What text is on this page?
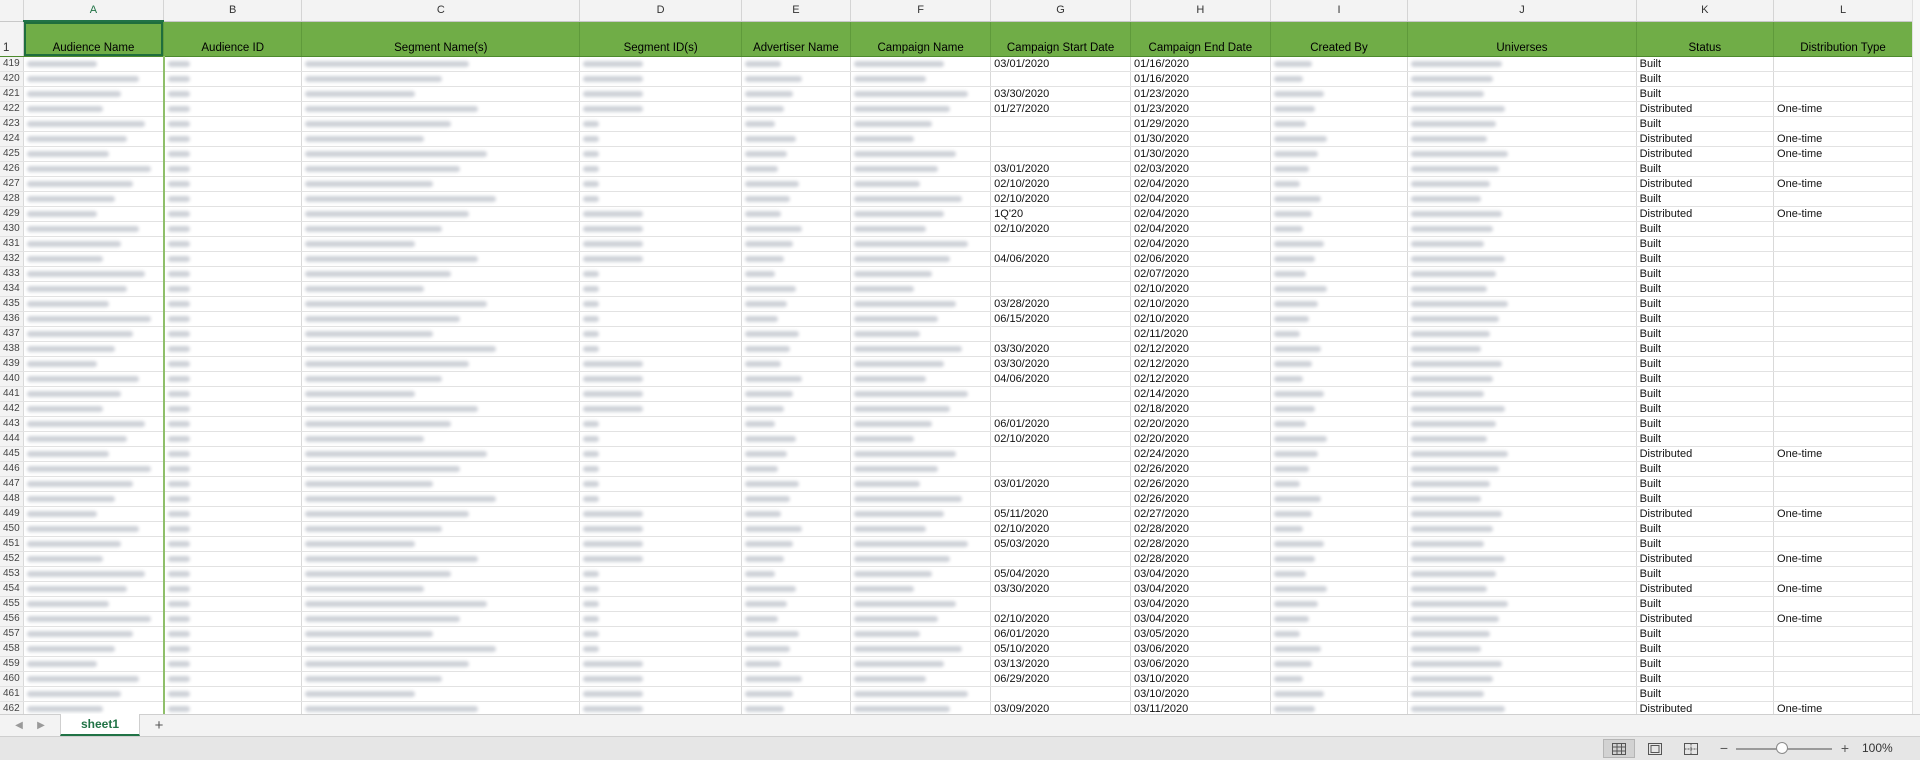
	A	B	C	D	E	F	G	H	I	J	K	L	
1	Audience Name	Audience ID	Segment Name(s)	Segment ID(s)	Advertiser Name	Campaign Name	Campaign Start Date	Campaign End Date	Created By	Universes	Status	Distribution Type	
419							03/01/2020	01/16/2020			Built		
420								01/16/2020			Built		
421							03/30/2020	01/23/2020			Built		
422							01/27/2020	01/23/2020			Distributed	One-time	
423								01/29/2020			Built		
424								01/30/2020			Distributed	One-time	
425								01/30/2020			Distributed	One-time	
426							03/01/2020	02/03/2020			Built		
427							02/10/2020	02/04/2020			Distributed	One-time	
428							02/10/2020	02/04/2020			Built		
429							1Q'20	02/04/2020			Distributed	One-time	
430							02/10/2020	02/04/2020			Built		
431								02/04/2020			Built		
432							04/06/2020	02/06/2020			Built		
433								02/07/2020			Built		
434								02/10/2020			Built		
435							03/28/2020	02/10/2020			Built		
436							06/15/2020	02/10/2020			Built		
437								02/11/2020			Built		
438							03/30/2020	02/12/2020			Built		
439							03/30/2020	02/12/2020			Built		
440							04/06/2020	02/12/2020			Built		
441								02/14/2020			Built		
442								02/18/2020			Built		
443							06/01/2020	02/20/2020			Built		
444							02/10/2020	02/20/2020			Built		
445								02/24/2020			Distributed	One-time	
446								02/26/2020			Built		
447							03/01/2020	02/26/2020			Built		
448								02/26/2020			Built		
449							05/11/2020	02/27/2020			Distributed	One-time	
450							02/10/2020	02/28/2020			Built		
451							05/03/2020	02/28/2020			Built		
452								02/28/2020			Distributed	One-time	
453							05/04/2020	03/04/2020			Built		
454							03/30/2020	03/04/2020			Distributed	One-time	
455								03/04/2020			Built		
456							02/10/2020	03/04/2020			Distributed	One-time	
457							06/01/2020	03/05/2020			Built		
458							05/10/2020	03/06/2020			Built		
459							03/13/2020	03/06/2020			Built		
460							06/29/2020	03/10/2020			Built		
461								03/10/2020			Built		
462							03/09/2020	03/11/2020			Distributed	One-time	
◀	▶	sheet1	+
−	+ 100%
